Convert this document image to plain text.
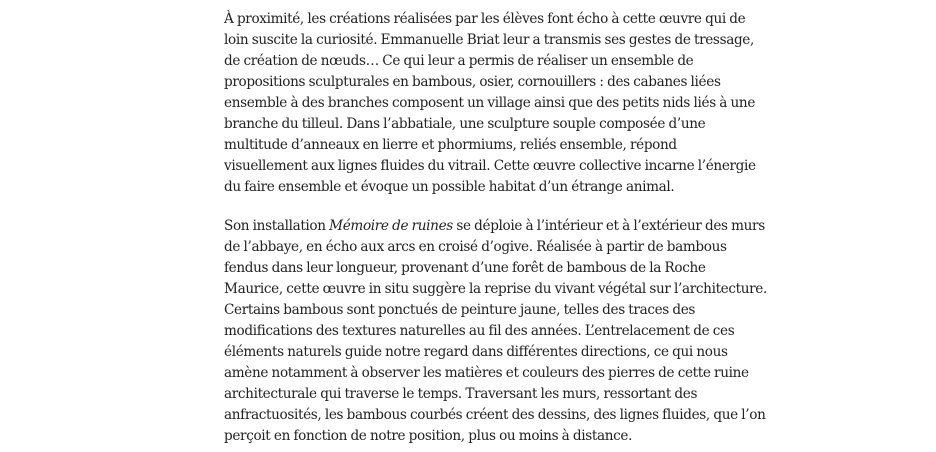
À proximité, les créations réalisées par les élèves font écho à cette œuvre qui de
loin suscite la curiosité. Emmanuelle Briat leur a transmis ses gestes de tressage,
de création de nœuds… Ce qui leur a permis de réaliser un ensemble de
propositions sculpturales en bambous, osier, cornouillers : des cabanes liées
ensemble à des branches composent un village ainsi que des petits nids liés à une
branche du tilleul. Dans l’abbatiale, une sculpture souple composée d’une
multitude d’anneaux en lierre et phormiums, reliés ensemble, répond
visuellement aux lignes fluides du vitrail. Cette œuvre collective incarne l’énergie
du faire ensemble et évoque un possible habitat d’un étrange animal.

Son installation Mémoire de ruines se déploie à l’intérieur et à l’extérieur des murs
de l’abbaye, en écho aux arcs en croisé d’ogive. Réalisée à partir de bambous
fendus dans leur longueur, provenant d’une forêt de bambous de la Roche
Maurice, cette œuvre in situ suggère la reprise du vivant végétal sur l’architecture.
Certains bambous sont ponctués de peinture jaune, telles des traces des
modifications des textures naturelles au fil des années. L’entrelacement de ces
éléments naturels guide notre regard dans différentes directions, ce qui nous
amène notamment à observer les matières et couleurs des pierres de cette ruine
architecturale qui traverse le temps. Traversant les murs, ressortant des
anfractuosités, les bambous courbés créent des dessins, des lignes fluides, que l’on
perçoit en fonction de notre position, plus ou moins à distance.
